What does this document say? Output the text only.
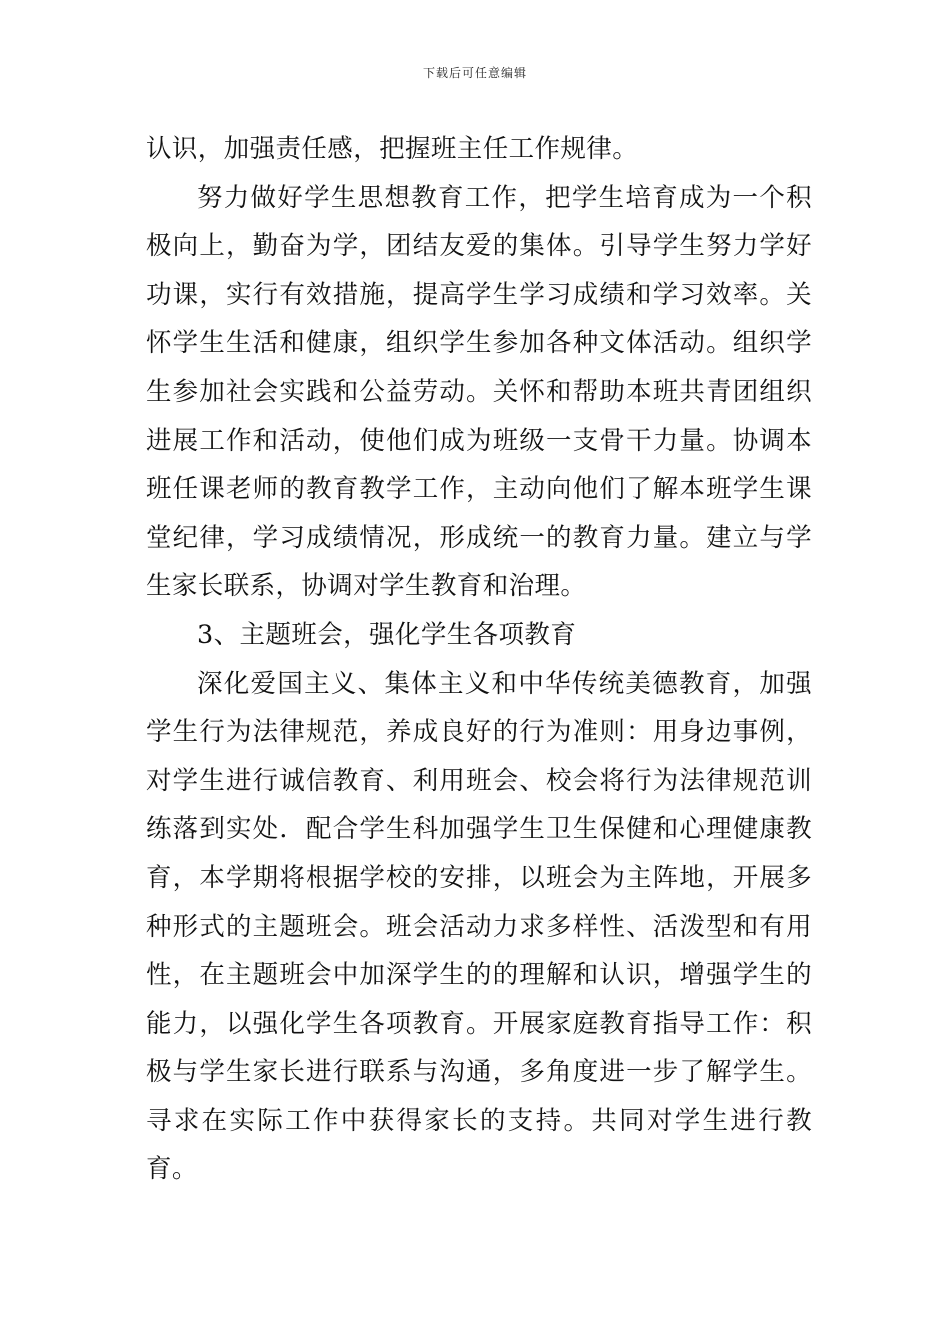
下载后可任意编辑

认识，加强责任感，把握班主任工作规律。

努力做好学生思想教育工作，把学生培育成为一个积极向上，勤奋为学，团结友爱的集体。引导学生努力学好功课，实行有效措施，提高学生学习成绩和学习效率。关怀学生生活和健康，组织学生参加各种文体活动。组织学生参加社会实践和公益劳动。关怀和帮助本班共青团组织进展工作和活动，使他们成为班级一支骨干力量。协调本班任课老师的教育教学工作，主动向他们了解本班学生课堂纪律，学习成绩情况，形成统一的教育力量。建立与学生家长联系，协调对学生教育和治理。

3、主题班会，强化学生各项教育

深化爱国主义、集体主义和中华传统美德教育，加强学生行为法律规范，养成良好的行为准则：用身边事例，对学生进行诚信教育、利用班会、校会将行为法律规范训练落到实处．配合学生科加强学生卫生保健和心理健康教育，本学期将根据学校的安排，以班会为主阵地，开展多种形式的主题班会。班会活动力求多样性、活泼型和有用性，在主题班会中加深学生的的理解和认识，增强学生的能力，以强化学生各项教育。开展家庭教育指导工作：积极与学生家长进行联系与沟通，多角度进一步了解学生。寻求在实际工作中获得家长的支持。共同对学生进行教育。
